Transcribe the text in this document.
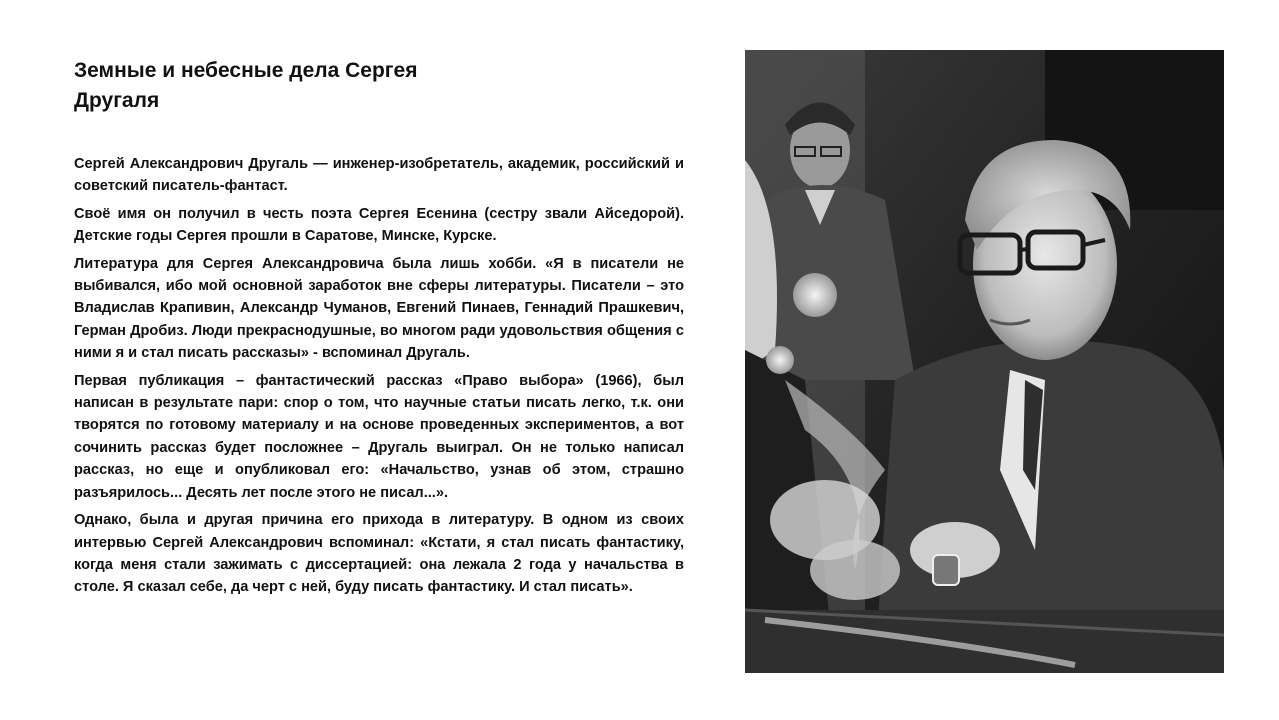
Земные и небесные дела Сергея
Другаля

Сергей Александрович Другаль — инженер-изобретатель, академик, российский и советский писатель-фантаст.

Своё имя он получил в честь поэта Сергея Есенина (сестру звали Айседорой). Детские годы Сергея прошли в Саратове, Минске, Курске.

Литература для Сергея Александровича была лишь хобби. «Я в писатели не выбивался, ибо мой основной заработок вне сферы литературы. Писатели – это Владислав Крапивин, Александр Чуманов, Евгений Пинаев, Геннадий Прашкевич, Герман Дробиз. Люди прекраснодушные, во многом ради удовольствия общения с ними я и стал писать рассказы» - вспоминал Другаль.

Первая публикация – фантастический рассказ «Право выбора» (1966), был написан в результате пари: спор о том, что научные статьи писать легко, т.к. они творятся по готовому материалу и на основе проведенных экспериментов, а вот сочинить рассказ будет посложнее – Другаль выиграл. Он не только написал рассказ, но еще и опубликовал его: «Начальство, узнав об этом, страшно разъярилось... Десять лет после этого не писал...».

Однако, была и другая причина его прихода в литературу. В одном из своих интервью Сергей Александрович вспоминал: «Кстати, я стал писать фантастику, когда меня стали зажимать с диссертацией: она лежала 2 года у начальства в столе. Я сказал себе, да черт с ней, буду писать фантастику. И стал писать».
